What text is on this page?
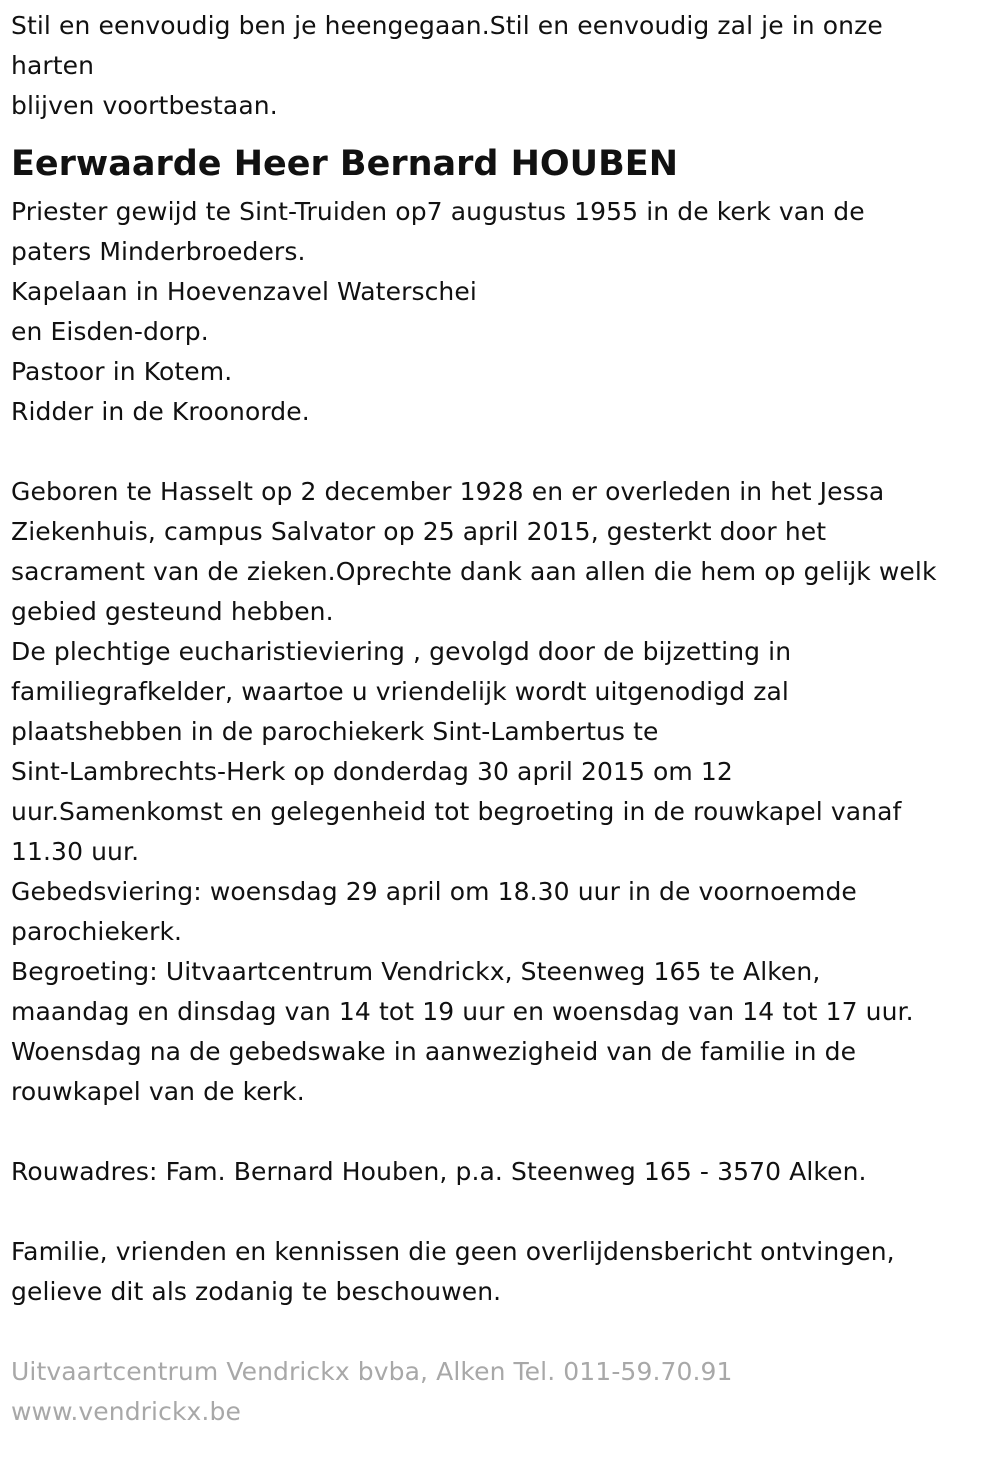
Stil en eenvoudig ben je heengegaan.Stil en eenvoudig zal je in onze
harten
blijven voortbestaan.
Eerwaarde Heer Bernard HOUBEN
Priester gewijd te Sint-Truiden op7 augustus 1955 in de kerk van de
paters Minderbroeders.
Kapelaan in Hoevenzavel Waterschei
en Eisden-dorp.
Pastoor in Kotem.
Ridder in de Kroonorde.
Geboren te Hasselt op 2 december 1928 en er overleden in het Jessa
Ziekenhuis, campus Salvator op 25 april 2015, gesterkt door het
sacrament van de zieken.Oprechte dank aan allen die hem op gelijk welk
gebied gesteund hebben.
De plechtige eucharistieviering , gevolgd door de bijzetting in
familiegrafkelder, waartoe u vriendelijk wordt uitgenodigd zal
plaatshebben in de parochiekerk Sint-Lambertus te
Sint-Lambrechts-Herk op donderdag 30 april 2015 om 12
uur.Samenkomst en gelegenheid tot begroeting in de rouwkapel vanaf
11.30 uur.
Gebedsviering: woensdag 29 april om 18.30 uur in de voornoemde
parochiekerk.
Begroeting: Uitvaartcentrum Vendrickx, Steenweg 165 te Alken,
maandag en dinsdag van 14 tot 19 uur en woensdag van 14 tot 17 uur.
Woensdag na de gebedswake in aanwezigheid van de familie in de
rouwkapel van de kerk.
Rouwadres: Fam. Bernard Houben, p.a. Steenweg 165 - 3570 Alken.
Familie, vrienden en kennissen die geen overlijdensbericht ontvingen,
gelieve dit als zodanig te beschouwen.
Uitvaartcentrum Vendrickx bvba, Alken Tel. 011-59.70.91
www.vendrickx.be
